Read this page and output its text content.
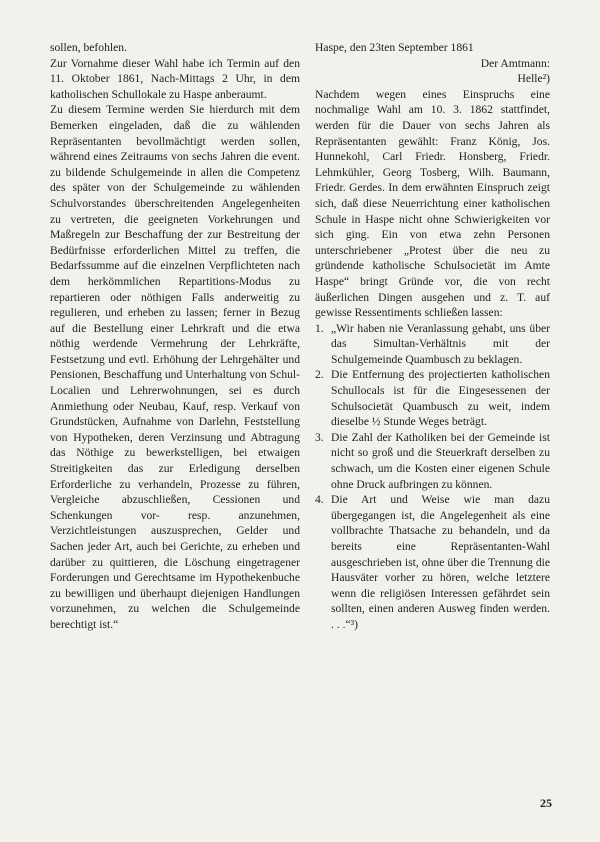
sollen, befohlen.

Zur Vornahme dieser Wahl habe ich Termin auf den 11. Oktober 1861, Nach-Mittags 2 Uhr, in dem katholischen Schullokale zu Haspe anberaumt.

Zu diesem Termine werden Sie hierdurch mit dem Bemerken eingeladen, daß die zu wählenden Repräsentanten bevollmächtigt werden sollen, während eines Zeitraums von sechs Jahren die event. zu bildende Schulgemeinde in allen die Competenz des später von der Schulgemeinde zu wählenden Schulvorstandes überschreitenden Angelegenheiten zu vertreten, die geeigneten Vorkehrungen und Maßregeln zur Beschaffung der zur Bestreitung der Bedürfnisse erforderlichen Mittel zu treffen, die Bedarfssumme auf die einzelnen Verpflichteten nach dem herkömmlichen Repartitions-Modus zu repartieren oder nöthigen Falls anderweitig zu regulieren, und erheben zu lassen; ferner in Bezug auf die Bestellung einer Lehrkraft und die etwa nöthig werdende Vermehrung der Lehrkräfte, Festsetzung und evtl. Erhöhung der Lehrgehälter und Pensionen, Beschaffung und Unterhaltung von Schul-Localien und Lehrerwohnungen, sei es durch Anmiethung oder Neubau, Kauf, resp. Verkauf von Grundstücken, Aufnahme von Darlehn, Feststellung von Hypotheken, deren Verzinsung und Abtragung das Nöthige zu bewerkstelligen, bei etwaigen Streitigkeiten das zur Erledigung derselben Erforderliche zu verhandeln, Prozesse zu führen, Vergleiche abzuschließen, Cessionen und Schenkungen vor- resp. anzunehmen, Verzichtleistungen auszusprechen, Gelder und Sachen jeder Art, auch bei Gerichte, zu erheben und darüber zu quittieren, die Löschung eingetragener Forderungen und Gerechtsame im Hypothekenbuche zu bewilligen und überhaupt diejenigen Handlungen vorzunehmen, zu welchen die Schulgemeinde berechtigt ist.“

Haspe, den 23ten September 1861

Der Amtmann:

Helle²)

Nachdem wegen eines Einspruchs eine nochmalige Wahl am 10. 3. 1862 stattfindet, werden für die Dauer von sechs Jahren als Repräsentanten gewählt: Franz König, Jos. Hunnekohl, Carl Friedr. Honsberg, Friedr. Lehmkühler, Georg Tosberg, Wilh. Baumann, Friedr. Gerdes. In dem erwähnten Einspruch zeigt sich, daß diese Neuerrichtung einer katholischen Schule in Haspe nicht ohne Schwierigkeiten vor sich ging. Ein von etwa zehn Personen unterschriebener „Protest über die neu zu gründende katholische Schulsocietät im Amte Haspe“ bringt Gründe vor, die von recht äußerlichen Dingen ausgehen und z. T. auf gewisse Ressentiments schließen lassen:

1. „Wir haben nie Veranlassung gehabt, uns über das Simultan-Verhältnis mit der Schulgemeinde Quambusch zu beklagen.
2. Die Entfernung des projectierten katholischen Schullocals ist für die Eingesessenen der Schulsocietät Quambusch zu weit, indem dieselbe ½ Stunde Weges beträgt.
3. Die Zahl der Katholiken bei der Gemeinde ist nicht so groß und die Steuerkraft derselben zu schwach, um die Kosten einer eigenen Schule ohne Druck aufbringen zu können.
4. Die Art und Weise wie man dazu übergegangen ist, die Angelegenheit als eine vollbrachte Thatsache zu behandeln, und da bereits eine Repräsentanten-Wahl ausgeschrieben ist, ohne über die Trennung die Hausväter vorher zu hören, welche letztere wenn die religiösen Interessen gefährdet sein sollten, einen anderen Ausweg finden werden. . . .“³)
25
